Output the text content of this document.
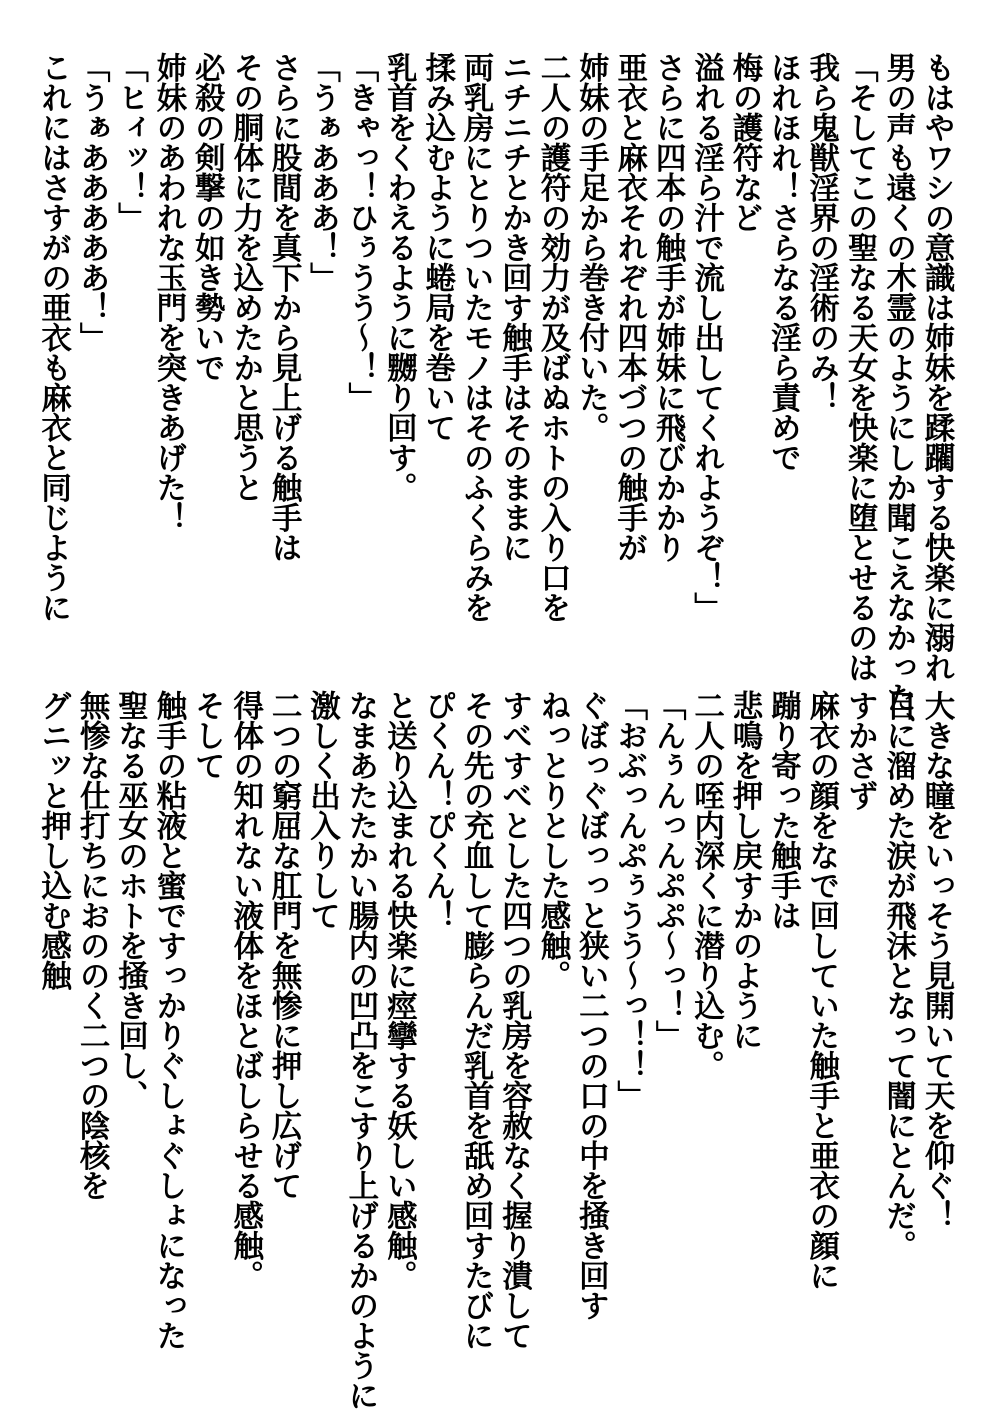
もはやワシの意識は姉妹を蹂躙する快楽に溺れ
男の声も遠くの木霊のようにしか聞こえなかった、
「そしてこの聖なる天女を快楽に堕とせるのは
我ら鬼獣淫界の淫術のみ！
ほれほれ！さらなる淫ら責めで
梅の護符など
溢れる淫ら汁で流し出してくれようぞ！」
さらに四本の触手が姉妹に飛びかかり
亜衣と麻衣それぞれ四本づつの触手が
姉妹の手足から巻き付いた。
二人の護符の効力が及ばぬホトの入り口を
ニチニチとかき回す触手はそのままに
両乳房にとりついたモノはそのふくらみを
揉み込むように蜷局を巻いて
乳首をくわえるように嬲り回す。
「きゃっ！ひぅうう〜！」
「うぁあああ！」
さらに股間を真下から見上げる触手は
その胴体に力を込めたかと思うと
必殺の剣撃の如き勢いで
姉妹のあわれな玉門を突きあげた！
「ヒィッ！」
「うぁあああああ！」
これにはさすがの亜衣も麻衣と同じように
大きな瞳をいっそう見開いて天を仰ぐ！
目に溜めた涙が飛沫となって闇にとんだ。
すかさず
麻衣の顔をなで回していた触手と亜衣の顔に
蹦り寄った触手は
悲鳴を押し戻すかのように
二人の咥内深くに潜り込む。
「んぅんっんぷぷ〜っ！」
「おぶっんぷぅうう〜っ！！」
ぐぼっぐぼっっと狭い二つの口の中を掻き回す
ねっとりとした感触。
すべすべとした四つの乳房を容赦なく握り潰して
その先の充血して膨らんだ乳首を舐め回すたびに
ぴくん！ぴくん！
と送り込まれる快楽に痙攣する妖しい感触。
なまあたたかい腸内の凹凸をこすり上げるかのように
激しく出入りして
二つの窮屈な肛門を無惨に押し広げて
得体の知れない液体をほとばしらせる感触。
そして
触手の粘液と蜜ですっかりぐしょぐしょになった
聖なる巫女のホトを掻き回し、
無惨な仕打ちにおののく二つの陰核を
グニッと押し込む感触
